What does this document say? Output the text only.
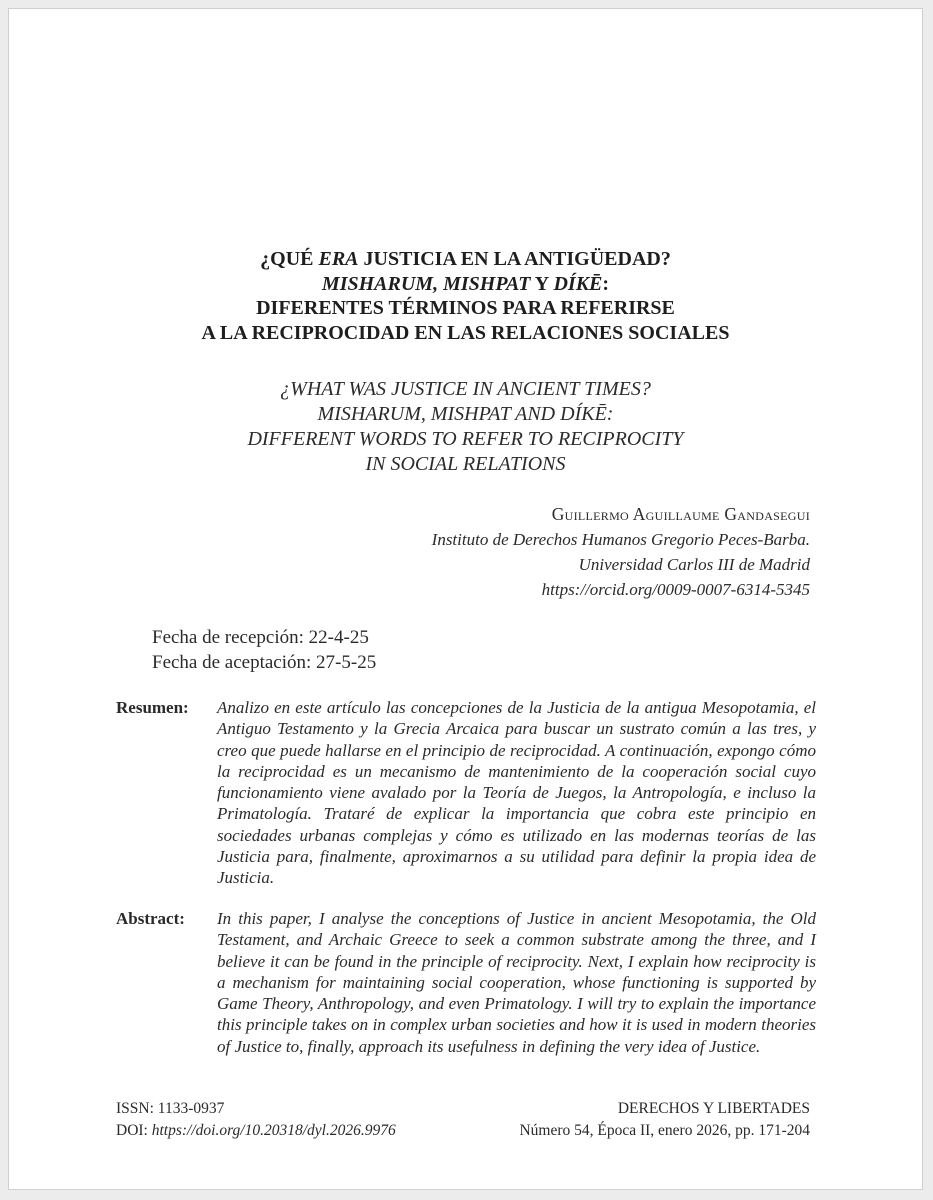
¿QUÉ ERA JUSTICIA EN LA ANTIGÜEDAD?
MISHARUM, MISHPAT Y DÍKĒ:
DIFERENTES TÉRMINOS PARA REFERIRSE
A LA RECIPROCIDAD EN LAS RELACIONES SOCIALES
¿WHAT WAS JUSTICE IN ANCIENT TIMES?
MISHARUM, MISHPAT AND DÍKĒ:
DIFFERENT WORDS TO REFER TO RECIPROCITY
IN SOCIAL RELATIONS
Guillermo Aguillaume Gandasegui
Instituto de Derechos Humanos Gregorio Peces-Barba.
Universidad Carlos III de Madrid
https://orcid.org/0009-0007-6314-5345
Fecha de recepción: 22-4-25
Fecha de aceptación: 27-5-25
Resumen: Analizo en este artículo las concepciones de la Justicia de la antigua Mesopotamia, el Antiguo Testamento y la Grecia Arcaica para buscar un sustrato común a las tres, y creo que puede hallarse en el principio de reciprocidad. A continuación, expongo cómo la reciprocidad es un mecanismo de mantenimiento de la cooperación social cuyo funcionamiento viene avalado por la Teoría de Juegos, la Antropología, e incluso la Primatología. Trataré de explicar la importancia que cobra este principio en sociedades urbanas complejas y cómo es utilizado en las modernas teorías de las Justicia para, finalmente, aproximarnos a su utilidad para definir la propia idea de Justicia.
Abstract: In this paper, I analyse the conceptions of Justice in ancient Mesopotamia, the Old Testament, and Archaic Greece to seek a common substrate among the three, and I believe it can be found in the principle of reciprocity. Next, I explain how reciprocity is a mechanism for maintaining social cooperation, whose functioning is supported by Game Theory, Anthropology, and even Primatology. I will try to explain the importance this principle takes on in complex urban societies and how it is used in modern theories of Justice to, finally, approach its usefulness in defining the very idea of Justice.
ISSN: 1133-0937
DOI: https://doi.org/10.20318/dyl.2026.9976
DERECHOS Y LIBERTADES
Número 54, Época II, enero 2026, pp. 171-204
